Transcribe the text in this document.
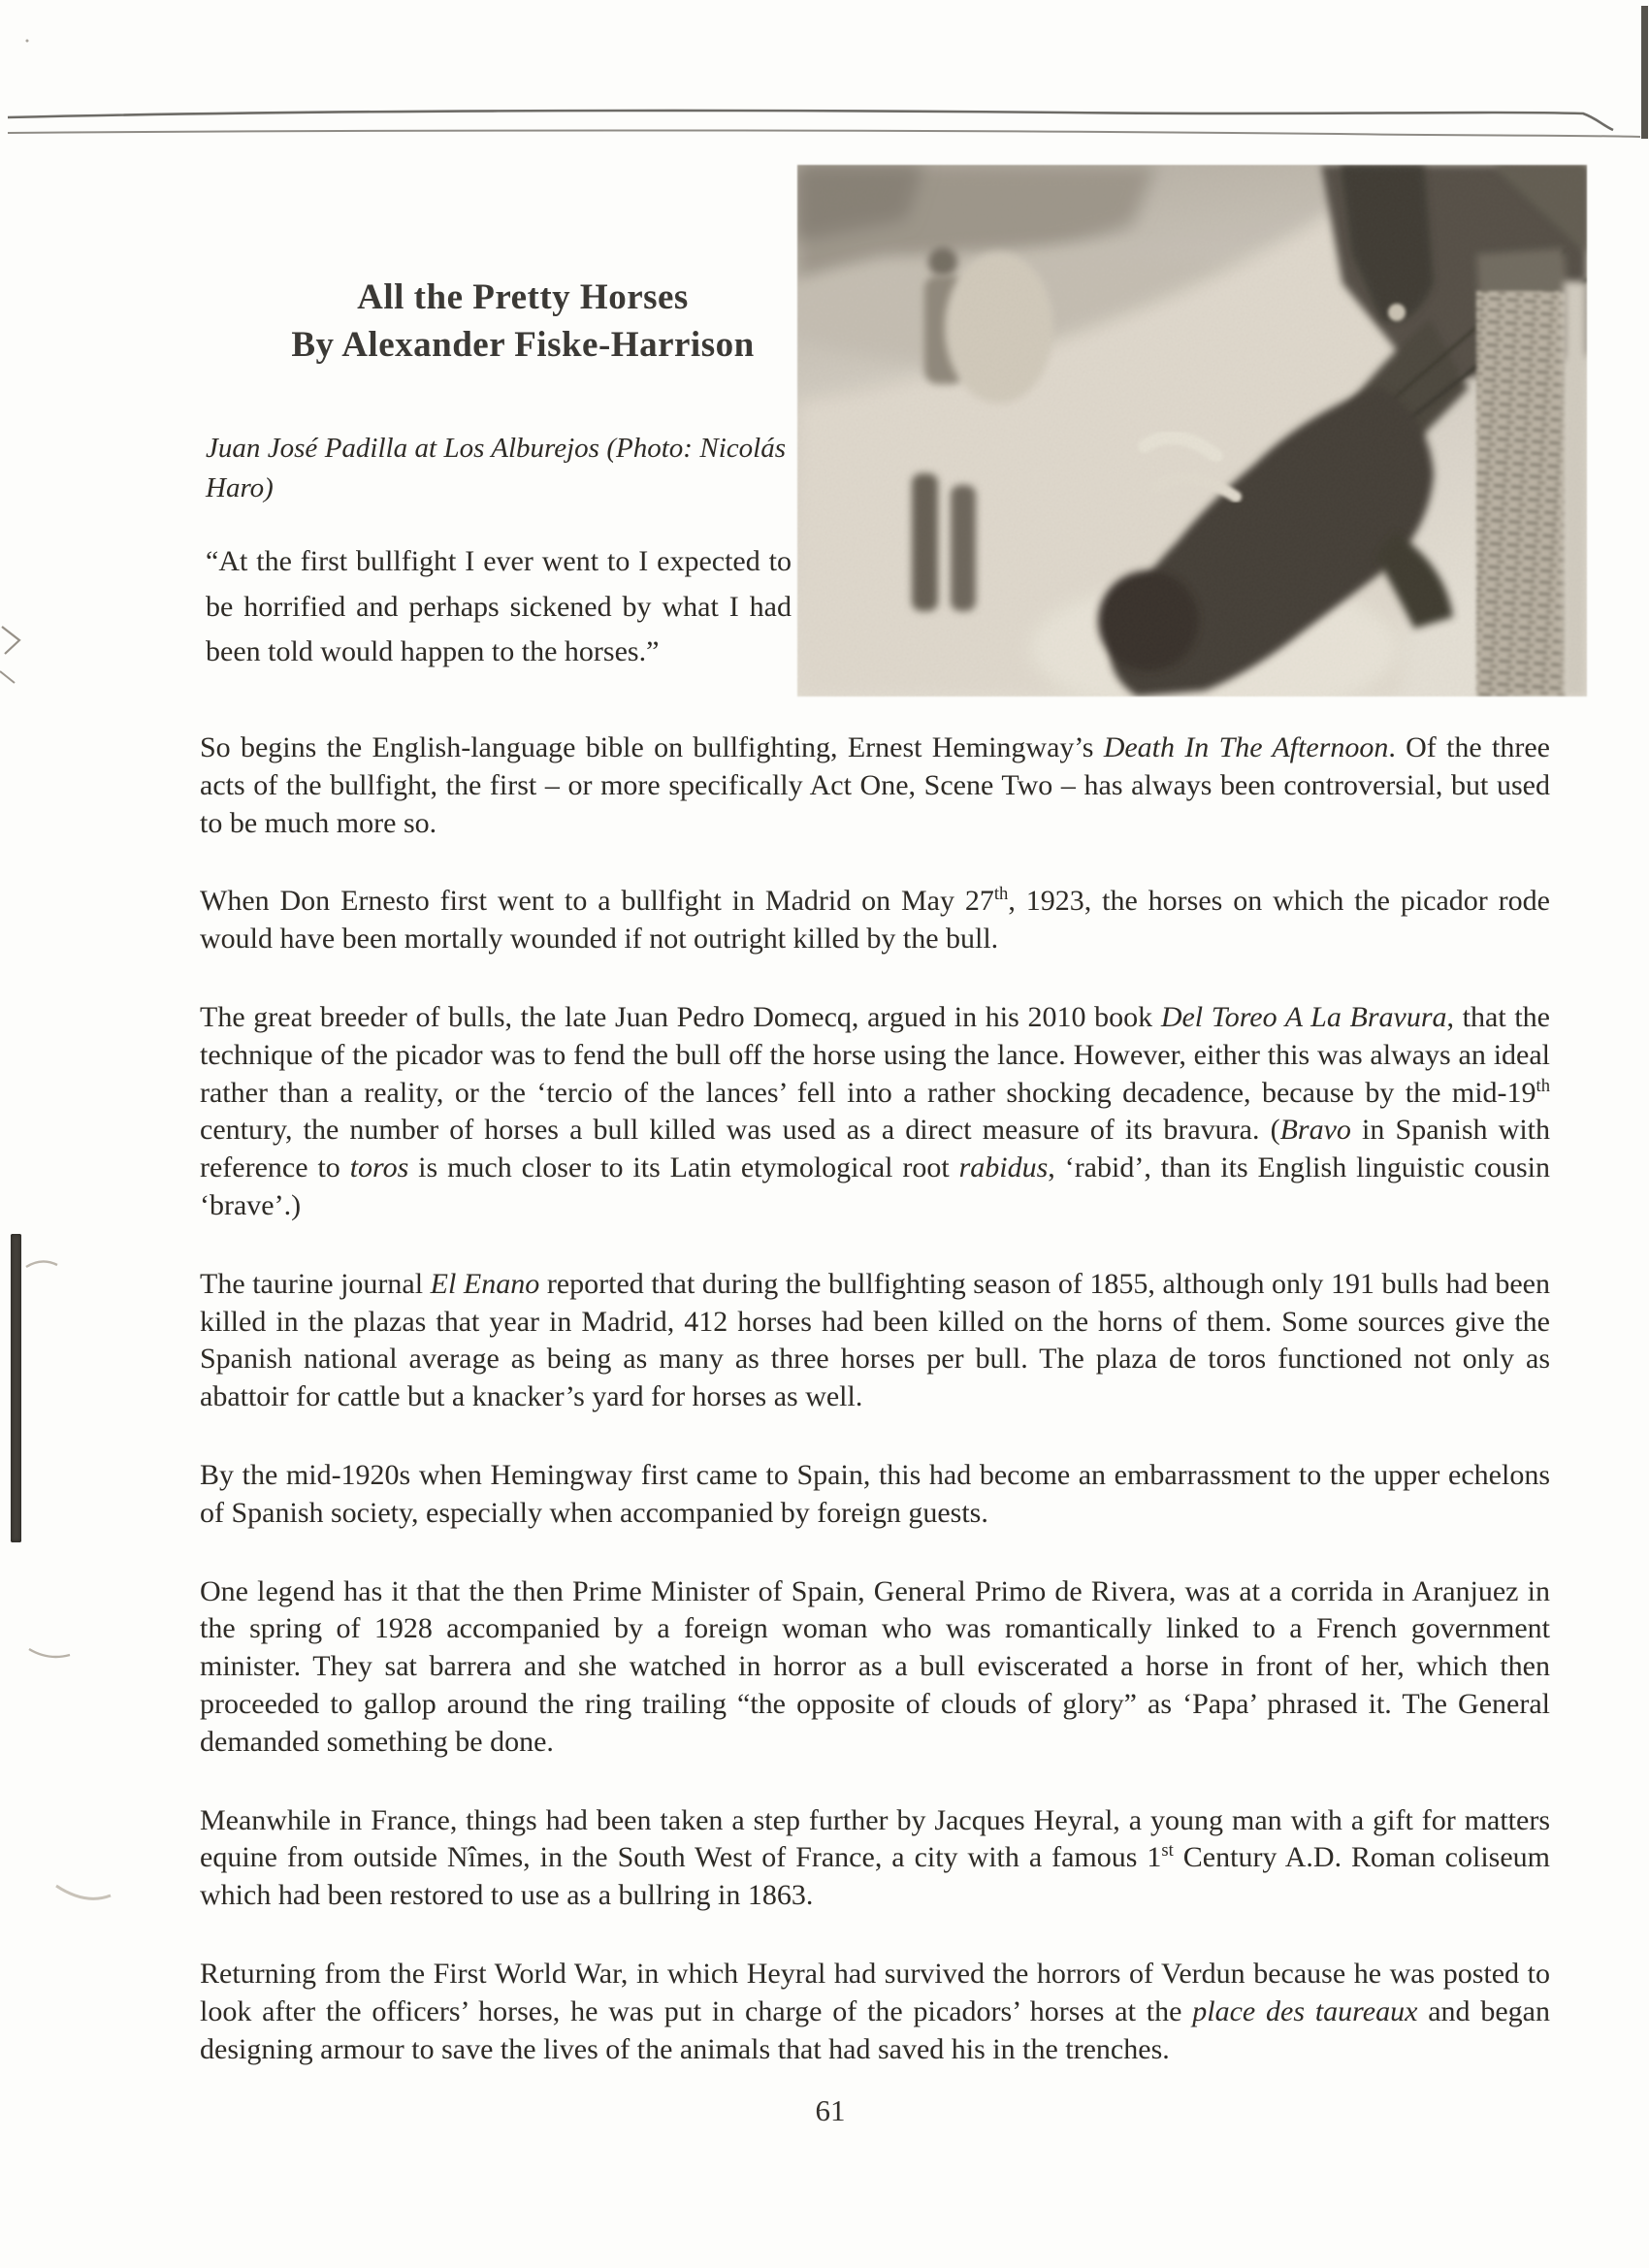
All the Pretty Horses
By Alexander Fiske-Harrison

Juan José Padilla at Los Alburejos (Photo: Nicolás Haro)

“At the first bullfight I ever went to I expected to be horrified and perhaps sickened by what I had been told would happen to the horses.”

So begins the English-language bible on bullfighting, Ernest Hemingway’s Death In The Afternoon. Of the three acts of the bullfight, the first – or more specifically Act One, Scene Two – has always been controversial, but used to be much more so.

When Don Ernesto first went to a bullfight in Madrid on May 27th, 1923, the horses on which the picador rode would have been mortally wounded if not outright killed by the bull.

The great breeder of bulls, the late Juan Pedro Domecq, argued in his 2010 book Del Toreo A La Bravura, that the technique of the picador was to fend the bull off the horse using the lance. However, either this was always an ideal rather than a reality, or the ‘tercio of the lances’ fell into a rather shocking decadence, because by the mid-19th century, the number of horses a bull killed was used as a direct measure of its bravura. (Bravo in Spanish with reference to toros is much closer to its Latin etymological root rabidus, ‘rabid’, than its English linguistic cousin ‘brave’.)

The taurine journal El Enano reported that during the bullfighting season of 1855, although only 191 bulls had been killed in the plazas that year in Madrid, 412 horses had been killed on the horns of them. Some sources give the Spanish national average as being as many as three horses per bull. The plaza de toros functioned not only as abattoir for cattle but a knacker’s yard for horses as well.

By the mid-1920s when Hemingway first came to Spain, this had become an embarrassment to the upper echelons of Spanish society, especially when accompanied by foreign guests.

One legend has it that the then Prime Minister of Spain, General Primo de Rivera, was at a corrida in Aranjuez in the spring of 1928 accompanied by a foreign woman who was romantically linked to a French government minister. They sat barrera and she watched in horror as a bull eviscerated a horse in front of her, which then proceeded to gallop around the ring trailing “the opposite of clouds of glory” as ‘Papa’ phrased it. The General demanded something be done.

Meanwhile in France, things had been taken a step further by Jacques Heyral, a young man with a gift for matters equine from outside Nîmes, in the South West of France, a city with a famous 1st Century A.D. Roman coliseum which had been restored to use as a bullring in 1863.

Returning from the First World War, in which Heyral had survived the horrors of Verdun because he was posted to look after the officers’ horses, he was put in charge of the picadors’ horses at the place des taureaux and began designing armour to save the lives of the animals that had saved his in the trenches.

61
